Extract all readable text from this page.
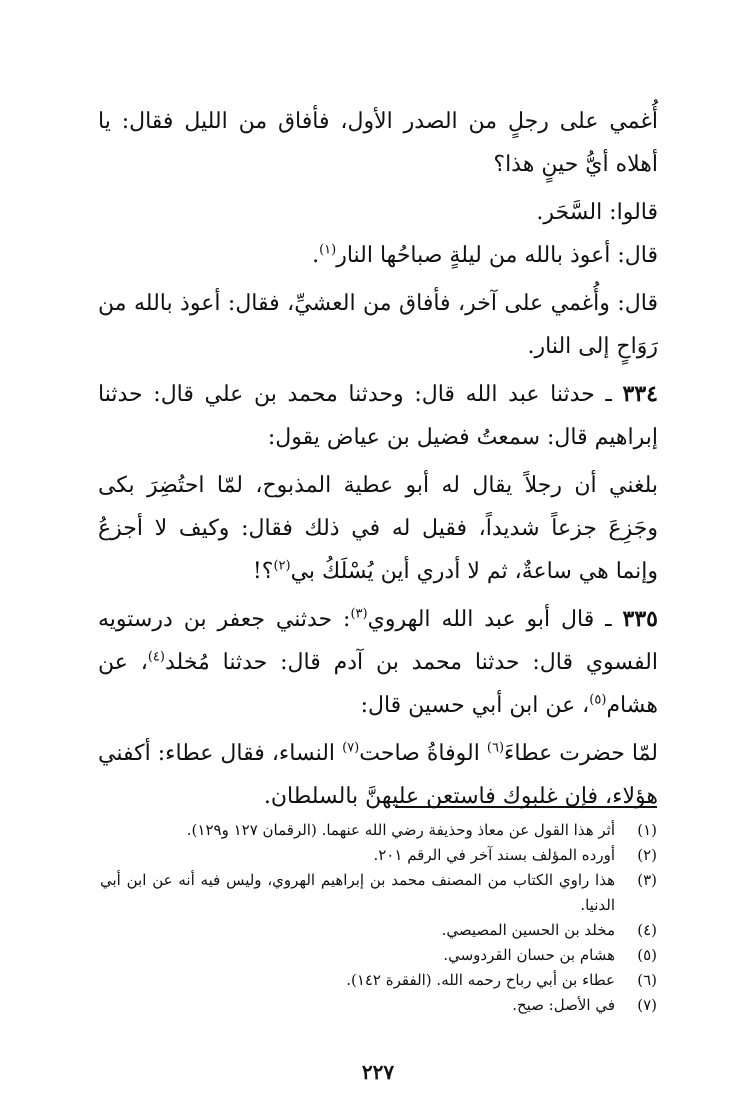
أُغمي على رجلٍ من الصدر الأول، فأفاق من الليل فقال: يا أهلاه أيُّ حينٍ هذا؟

قالوا: السَّحَر.

قال: أعوذ بالله من ليلةٍ صباحُها النار$^{(١)}$.

قال: وأُغمي على آخر، فأفاق من العشيِّ، فقال: أعوذ بالله من رَوَاحٍ إلى النار.

٣٣٤ ـ حدثنا عبد الله قال: وحدثنا محمد بن علي قال: حدثنا إبراهيم قال: سمعتُ فضيل بن عياض يقول:

بلغني أن رجلاً يقال له أبو عطية المذبوح، لمّا احتُضِرَ بكى وجَزِعَ جزعاً شديداً، فقيل له في ذلك فقال: وكيف لا أجزعُ وإنما هي ساعةٌ، ثم لا أدري أين يُسْلَكُ بي$^{(٢)}$؟!

٣٣٥ ـ قال أبو عبد الله الهروي$^{(٣)}$: حدثني جعفر بن درستويه الفسوي قال: حدثنا محمد بن آدم قال: حدثنا مُخلد$^{(٤)}$، عن هشام$^{(٥)}$، عن ابن أبي حسين قال:

لمّا حضرت عطاءَ$^{(٦)}$ الوفاةُ صاحت$^{(٧)}$ النساء، فقال عطاء: أكفني هؤلاء، فإن غلبوك فاستعن عليهنَّ بالسلطان.

(١)
أثر هذا القول عن معاذ وحذيفة رضي الله عنهما. (الرقمان ١٢٧ و١٢٩).
(٢)
أورده المؤلف بسند آخر في الرقم ٢٠١.
(٣)
هذا راوي الكتاب من المصنف محمد بن إبراهيم الهروي، وليس فيه أنه عن ابن أبي الدنيا.
(٤)
مخلد بن الحسين المصيصي.
(٥)
هشام بن حسان القردوسي.
(٦)
عطاء بن أبي رباح رحمه الله. (الفقرة ١٤٢).
(٧)
في الأصل: صيح.
٢٢٧
